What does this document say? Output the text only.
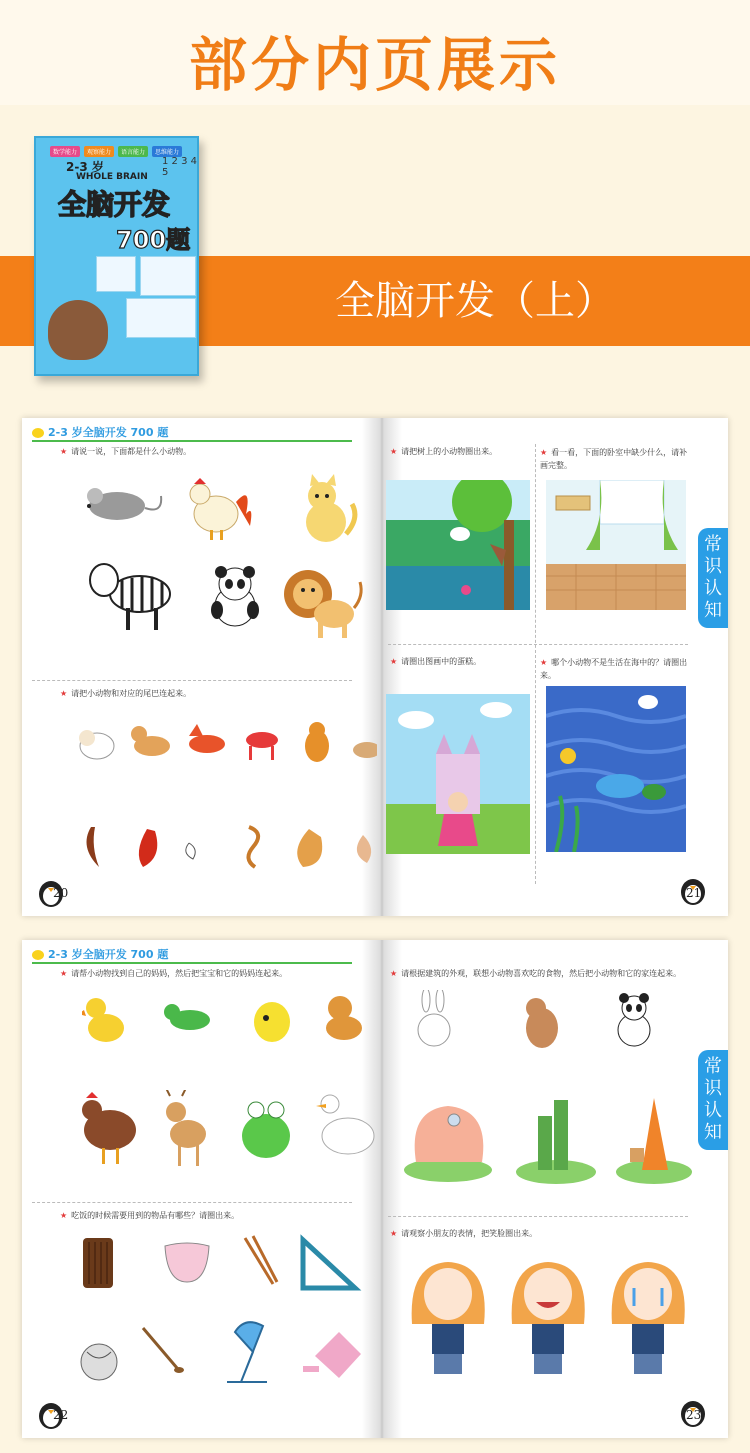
部分内页展示
全脑开发（上）
数学能力	观察能力	语言能力	思维能力
2-3 岁	1 2 3 4 5
WHOLE BRAIN
全脑开发
700题
2-3 岁全脑开发 700 题
★ 请说一说，下面都是什么小动物。
★ 请把小动物和对应的尾巴连起来。
20
★ 请把树上的小动物圈出来。	★ 看一看，下面的卧室中缺少什么，请补画完整。
★ 请圈出图画中的蛋糕。	★ 哪个小动物不是生活在海中的？请圈出来。
常识认知
21
2-3 岁全脑开发 700 题
★ 请帮小动物找到自己的妈妈，然后把宝宝和它的妈妈连起来。
★ 吃饭的时候需要用到的物品有哪些？请圈出来。
22
★ 请根据建筑的外观，联想小动物喜欢吃的食物，然后把小动物和它的家连起来。
★ 请观察小朋友的表情，把笑脸圈出来。
常识认知
23
